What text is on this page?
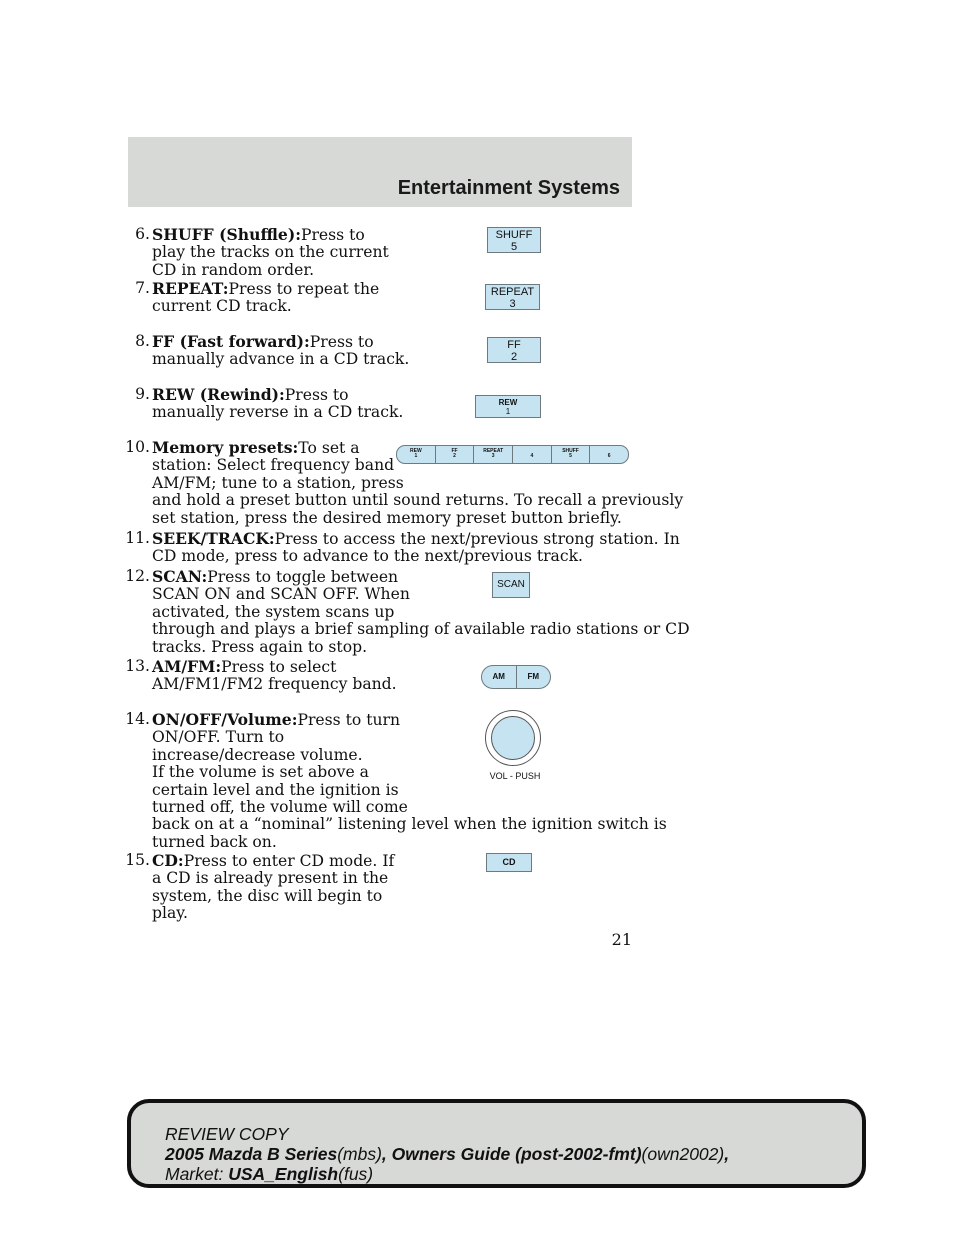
Entertainment Systems
6. SHUFF (Shuffle):Press to
play the tracks on the current
CD in random order.
7. REPEAT:Press to repeat the
current CD track.
8. FF (Fast forward):Press to
manually advance in a CD track.
9. REW (Rewind):Press to
manually reverse in a CD track.
10. Memory presets:To set a
station: Select frequency band
AM/FM; tune to a station, press
and hold a preset button until sound returns. To recall a previously
set station, press the desired memory preset button briefly.
11. SEEK/TRACK:Press to access the next/previous strong station. In
CD mode, press to advance to the next/previous track.
12. SCAN:Press to toggle between
SCAN ON and SCAN OFF. When
activated, the system scans up
through and plays a brief sampling of available radio stations or CD
tracks. Press again to stop.
13. AM/FM:Press to select
AM/FM1/FM2 frequency band.
14. ON/OFF/Volume:Press to turn
ON/OFF. Turn to
increase/decrease volume.
If the volume is set above a
certain level and the ignition is
turned off, the volume will come
back on at a “nominal” listening level when the ignition switch is
turned back on.
15. CD:Press to enter CD mode. If
a CD is already present in the
system, the disc will begin to
play.
SHUFF
5
REPEAT
3
FF
2
REW
1
REW
1
FF
2
REPEAT
3	4
SHUFF
5	6
SCAN
AM	FM
VOL - PUSH
CD
21
REVIEW COPY
2005 Mazda B Series(mbs), Owners Guide (post-2002-fmt)(own2002),
Market: USA_English(fus)
